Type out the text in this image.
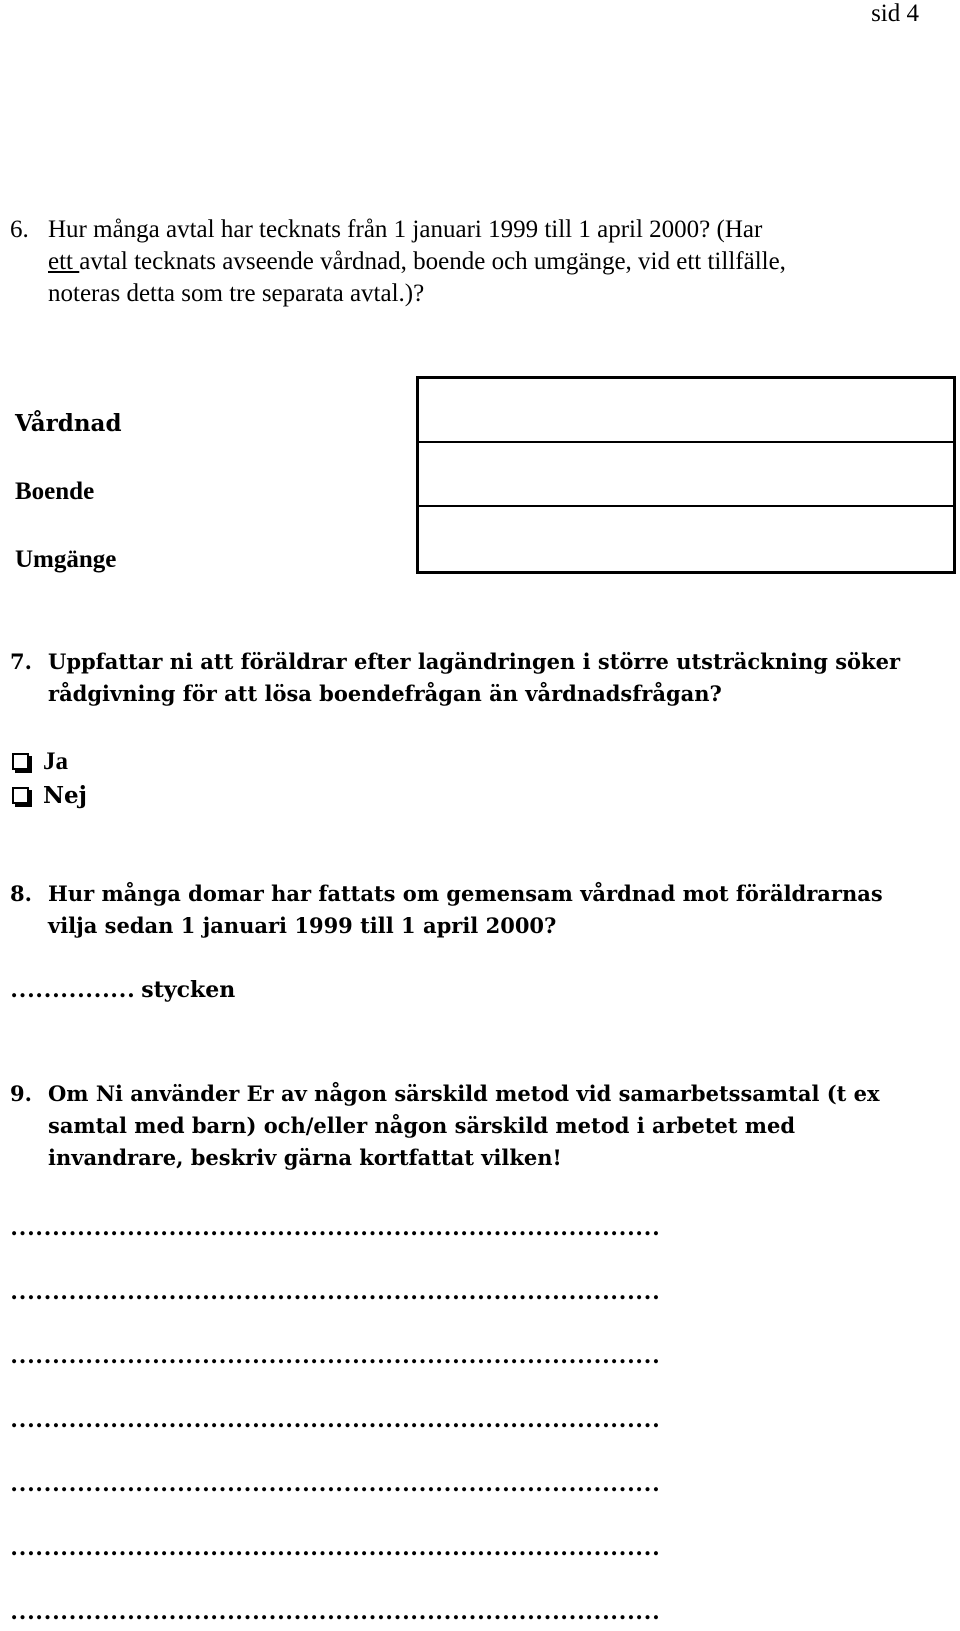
sid 4
6. Hur många avtal har tecknats från 1 januari 1999 till 1 april 2000? (Har
ett avtal tecknats avseende vårdnad, boende och umgänge, vid ett tillfälle,
noteras detta som tre separata avtal.)?
Vårdnad
Boende
Umgänge
7. Uppfattar ni att föräldrar efter lagändringen i större utsträckning söker
rådgivning för att lösa boendefrågan än vårdnadsfrågan?
Ja
Nej
8. Hur många domar har fattats om gemensam vårdnad mot föräldrarnas
vilja sedan 1 januari 1999 till 1 april 2000?
…………… stycken
9. Om Ni använder Er av någon särskild metod vid samarbetssamtal (t ex
samtal med barn) och/eller någon särskild metod i arbetet med
invandrare, beskriv gärna kortfattat vilken!
……………………………………………………………………
……………………………………………………………………
……………………………………………………………………
……………………………………………………………………
……………………………………………………………………
……………………………………………………………………
……………………………………………………………………
